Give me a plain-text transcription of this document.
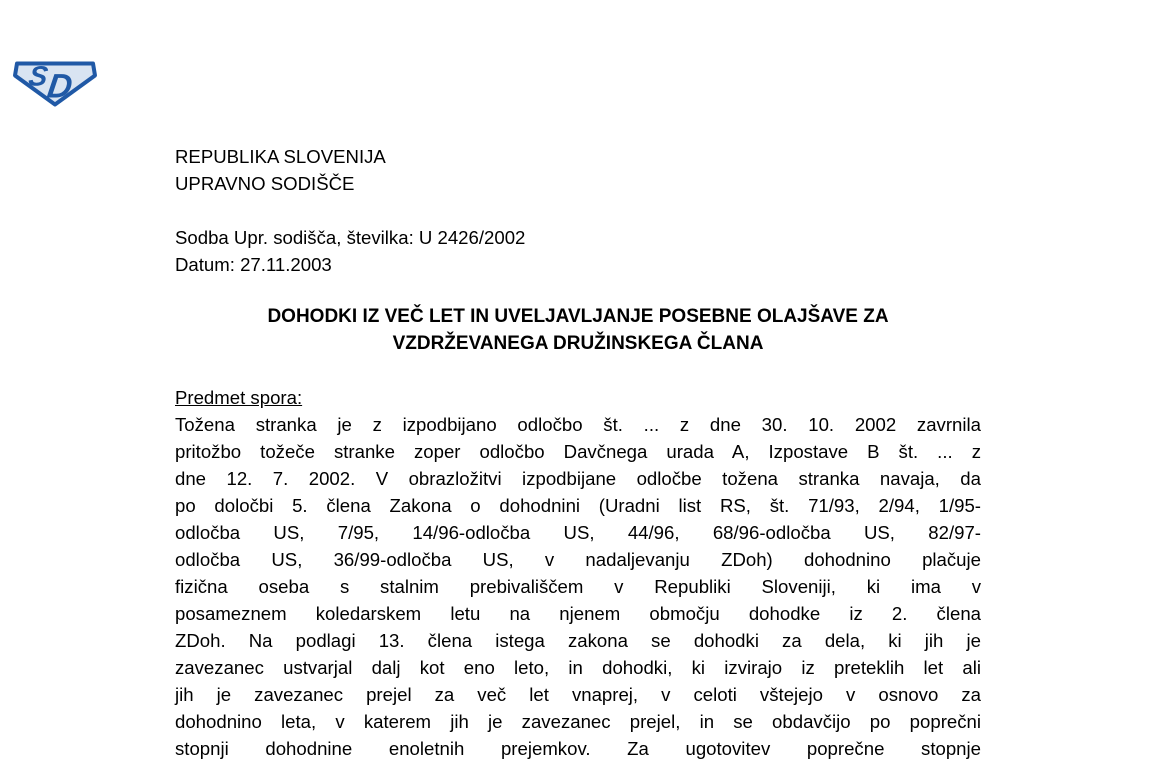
S
D
REPUBLIKA SLOVENIJA
UPRAVNO SODIŠČE
Sodba Upr. sodišča, številka: U 2426/2002
Datum: 27.11.2003
DOHODKI IZ VEČ LET IN UVELJAVLJANJE POSEBNE OLAJŠAVE ZA
VZDRŽEVANEGA DRUŽINSKEGA ČLANA
Predmet spora:
Tožena stranka je z izpodbijano odločbo št. ... z dne 30. 10. 2002 zavrnila
pritožbo tožeče stranke zoper odločbo Davčnega urada A, Izpostave B št. ... z
dne 12. 7. 2002. V obrazložitvi izpodbijane odločbe tožena stranka navaja, da
po določbi 5. člena Zakona o dohodnini (Uradni list RS, št. 71/93, 2/94, 1/95-
odločba US, 7/95, 14/96-odločba US, 44/96, 68/96-odločba US, 82/97-
odločba US, 36/99-odločba US, v nadaljevanju ZDoh) dohodnino plačuje
fizična oseba s stalnim prebivališčem v Republiki Sloveniji, ki ima v
posameznem koledarskem letu na njenem območju dohodke iz 2. člena
ZDoh. Na podlagi 13. člena istega zakona se dohodki za dela, ki jih je
zavezanec ustvarjal dalj kot eno leto, in dohodki, ki izvirajo iz preteklih let ali
jih je zavezanec prejel za več let vnaprej, v celoti vštejejo v osnovo za
dohodnino leta, v katerem jih je zavezanec prejel, in se obdavčijo po poprečni
stopnji dohodnine enoletnih prejemkov. Za ugotovitev poprečne stopnje
